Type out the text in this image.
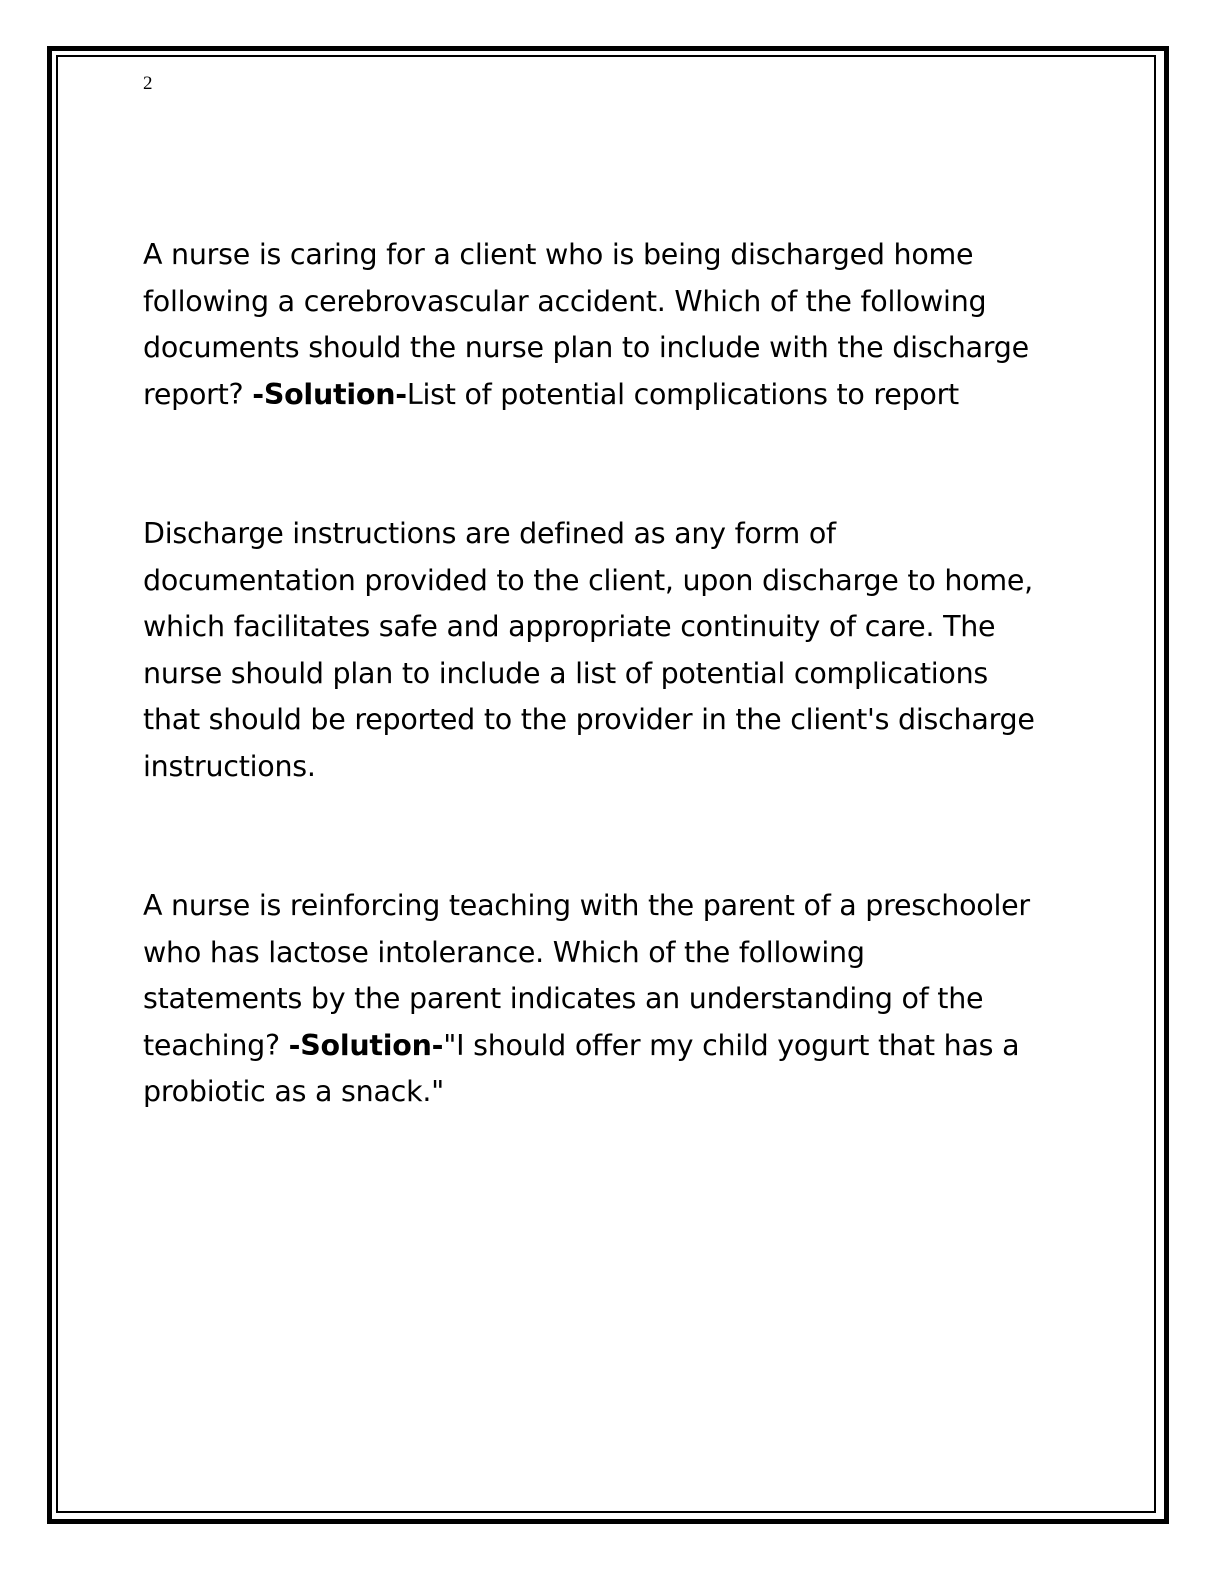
2
A nurse is caring for a client who is being discharged home
following a cerebrovascular accident. Which of the following
documents should the nurse plan to include with the discharge
report? -Solution-List of potential complications to report
Discharge instructions are defined as any form of
documentation provided to the client, upon discharge to home,
which facilitates safe and appropriate continuity of care. The
nurse should plan to include a list of potential complications
that should be reported to the provider in the client's discharge
instructions.
A nurse is reinforcing teaching with the parent of a preschooler
who has lactose intolerance. Which of the following
statements by the parent indicates an understanding of the
teaching? -Solution-"I should offer my child yogurt that has a
probiotic as a snack."
